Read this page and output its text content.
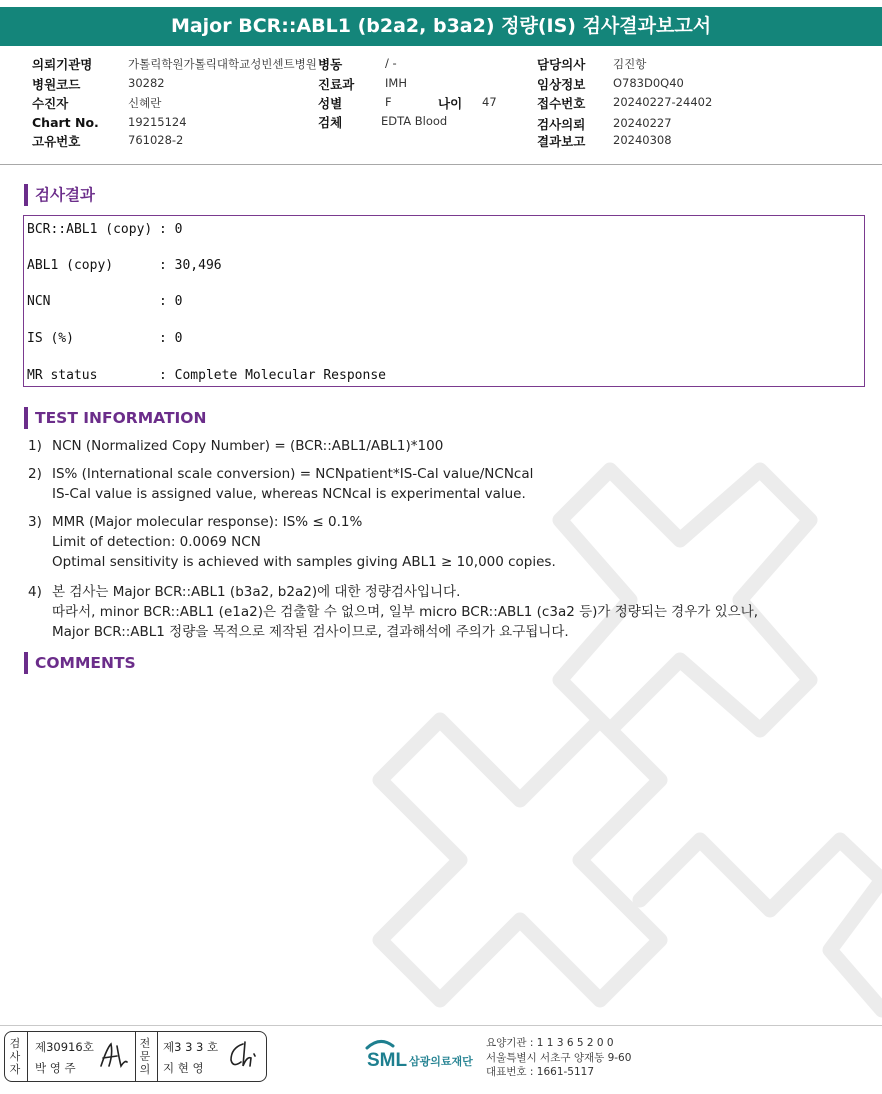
Major BCR::ABL1 (b2a2, b3a2) 정량(IS) 검사결과보고서
의뢰기관명	가톨릭학원가톨릭대학교성빈센트병원 병동	/ -	담당의사 김진항
병원코드	30282	진료과	IMH	임상정보 O783D0Q40
수진자	신혜란	성별	F	나이 47	접수번호 20240227-24402
Chart No.	19215124	검체	EDTA Blood	검사의뢰 20240227
고유번호	761028-2	결과보고 20240308
검사결과
BCR::ABL1 (copy) : 0
ABL1 (copy)	: 30,496
NCN	: 0
IS (%)	: 0
MR status	: Complete Molecular Response
TEST INFORMATION
1) NCN (Normalized Copy Number) = (BCR::ABL1/ABL1)*100
2) IS% (International scale conversion) = NCNpatient*IS-Cal value/NCNcal
IS-Cal value is assigned value, whereas NCNcal is experimental value.
3) MMR (Major molecular response): IS% ≤ 0.1%
Limit of detection: 0.0069 NCN
Optimal sensitivity is achieved with samples giving ABL1 ≥ 10,000 copies.
4) 본 검사는 Major BCR::ABL1 (b3a2, b2a2)에 대한 정량검사입니다.
따라서, minor BCR::ABL1 (e1a2)은 검출할 수 없으며, 일부 micro BCR::ABL1 (c3a2 등)가 정량되는 경우가 있으나,
Major BCR::ABL1 정량을 목적으로 제작된 검사이므로, 결과해석에 주의가 요구됩니다.
COMMENTS
검사자
제30916호
박 영 주
전문의
제3 3 3 호
지 현 영	SML 삼광의료재단
요양기관 : 1 1 3 6 5 2 0 0
서울특별시 서초구 양재동 9-60
대표번호 : 1661-5117
